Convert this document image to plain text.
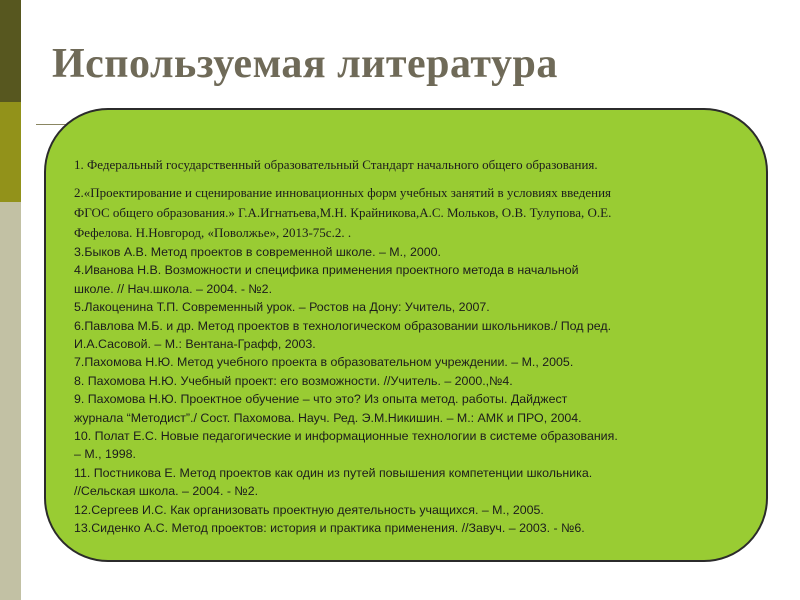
Используемая литература

1. Федеральный государственный образовательный Стандарт начального общего образования.

2.«Проектирование и сценирование инновационных форм учебных занятий в условиях введения
ФГОС общего образования.» Г.А.Игнатьева,М.Н. Крайникова,А.С. Мольков, О.В. Тулупова, О.Е.
Фефелова. Н.Новгород, «Поволжье», 2013-75с.2. .

3.Быков А.В. Метод проектов в современной школе. – М., 2000.

4.Иванова Н.В. Возможности и специфика применения проектного метода в начальной
школе. // Нач.школа. – 2004. - №2.

5.Лакоценина Т.П. Современный урок. – Ростов на Дону: Учитель, 2007.

6.Павлова М.Б. и др. Метод проектов в технологическом образовании школьников./ Под ред.
И.А.Сасовой. – М.: Вентана-Графф, 2003.

7.Пахомова Н.Ю. Метод учебного проекта в образовательном учреждении. – М., 2005.

8. Пахомова Н.Ю. Учебный проект: его возможности. //Учитель. – 2000.,№4.

9. Пахомова Н.Ю. Проектное обучение – что это? Из опыта метод. работы. Дайджест
журнала “Методист”./ Сост. Пахомова. Науч. Ред. Э.М.Никишин. – М.: АМК и ПРО, 2004.

10. Полат Е.С. Новые педагогические и информационные технологии в системе образования.
– М., 1998.

11. Постникова Е. Метод проектов как один из путей повышения компетенции школьника.
//Сельская школа. – 2004. - №2.

12.Сергеев И.С. Как организовать проектную деятельность учащихся. – М., 2005.

13.Сиденко А.С. Метод проектов: история и практика применения. //Завуч. – 2003. - №6.
